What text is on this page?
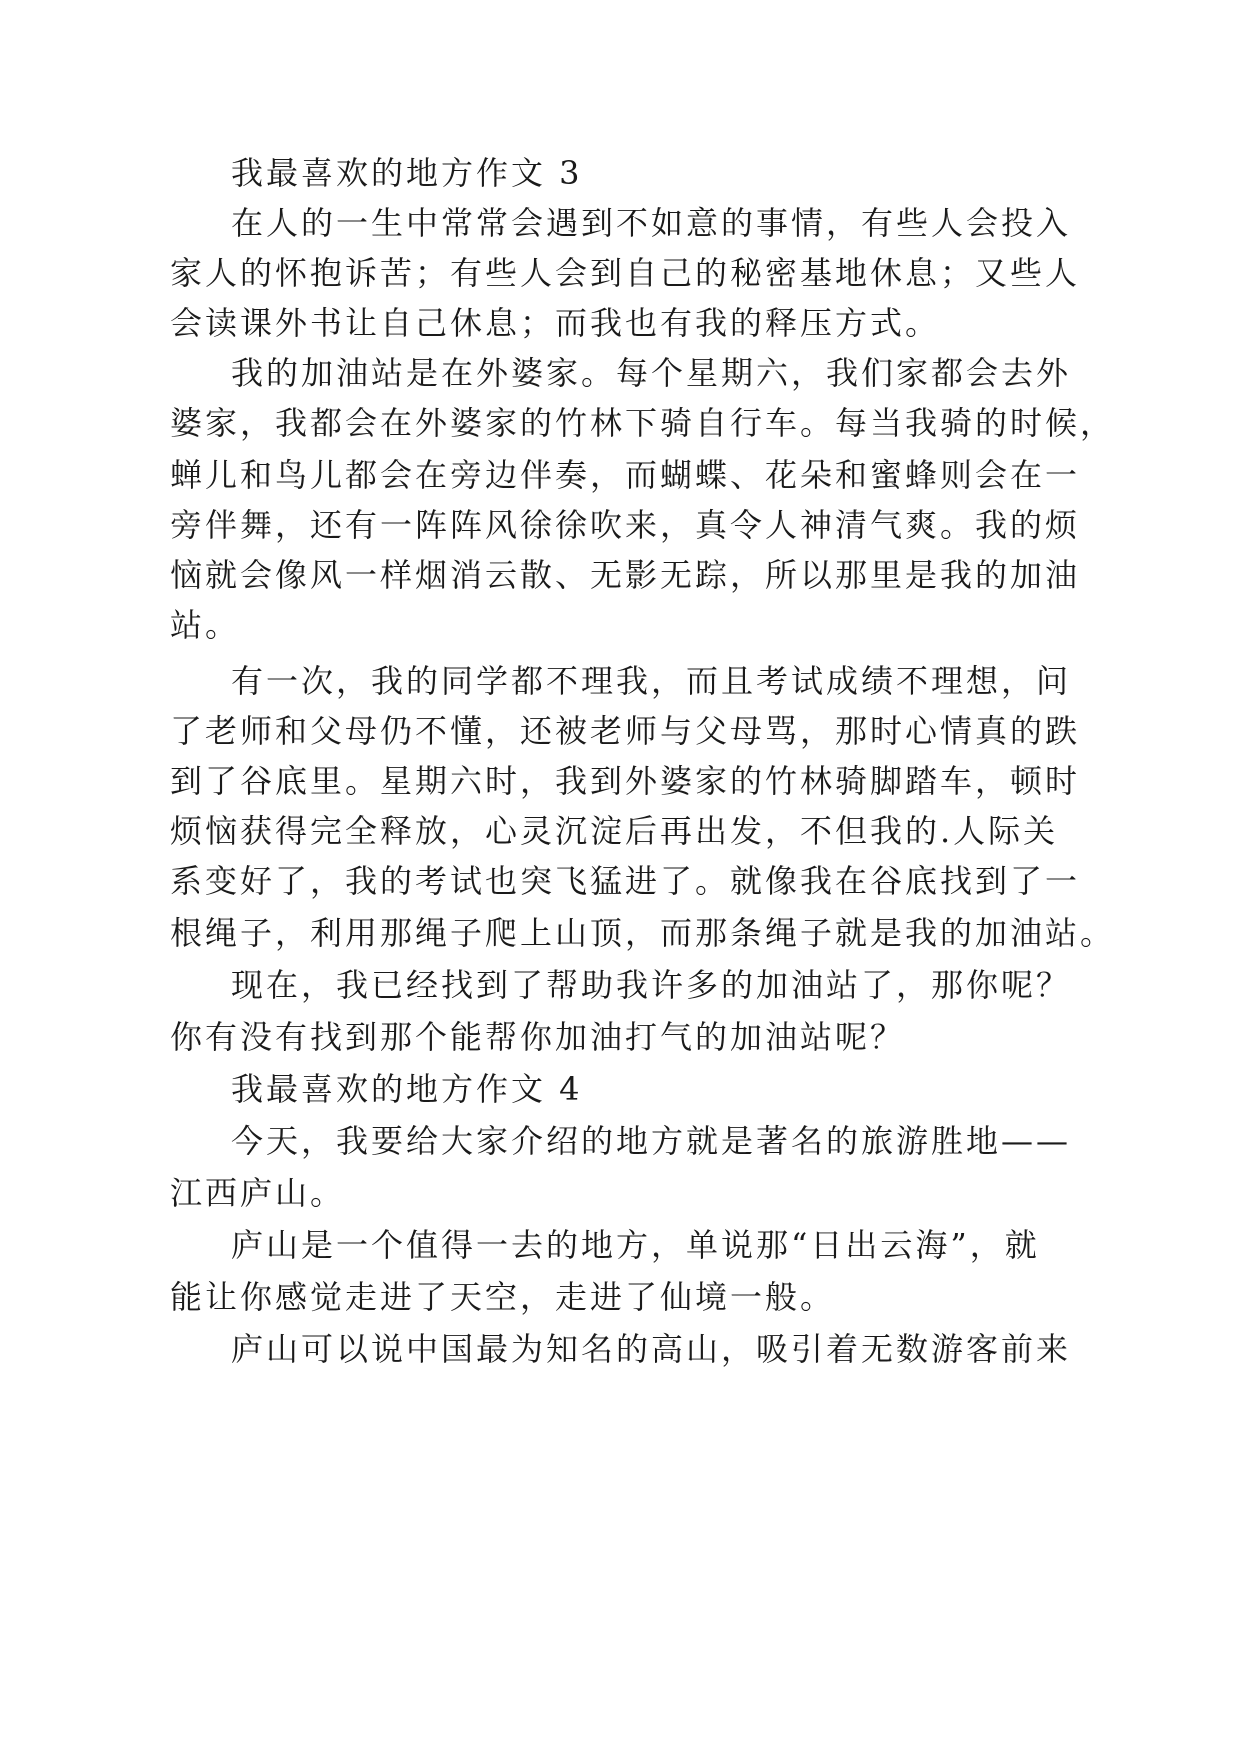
我最喜欢的地方作文 3
在人的一生中常常会遇到不如意的事情，有些人会投入
家人的怀抱诉苦；有些人会到自己的秘密基地休息；又些人
会读课外书让自己休息；而我也有我的释压方式。
我的加油站是在外婆家。每个星期六，我们家都会去外
婆家，我都会在外婆家的竹林下骑自行车。每当我骑的时候，
蝉儿和鸟儿都会在旁边伴奏，而蝴蝶、花朵和蜜蜂则会在一
旁伴舞，还有一阵阵风徐徐吹来，真令人神清气爽。我的烦
恼就会像风一样烟消云散、无影无踪，所以那里是我的加油
站。
有一次，我的同学都不理我，而且考试成绩不理想，问
了老师和父母仍不懂，还被老师与父母骂，那时心情真的跌
到了谷底里。星期六时，我到外婆家的竹林骑脚踏车，顿时
烦恼获得完全释放，心灵沉淀后再出发，不但我的.人际关
系变好了，我的考试也突飞猛进了。就像我在谷底找到了一
根绳子，利用那绳子爬上山顶，而那条绳子就是我的加油站。
现在，我已经找到了帮助我许多的加油站了，那你呢？
你有没有找到那个能帮你加油打气的加油站呢？
我最喜欢的地方作文 4
今天，我要给大家介绍的地方就是著名的旅游胜地——
江西庐山。
庐山是一个值得一去的地方，单说那“日出云海”，就
能让你感觉走进了天空，走进了仙境一般。
庐山可以说中国最为知名的高山，吸引着无数游客前来
